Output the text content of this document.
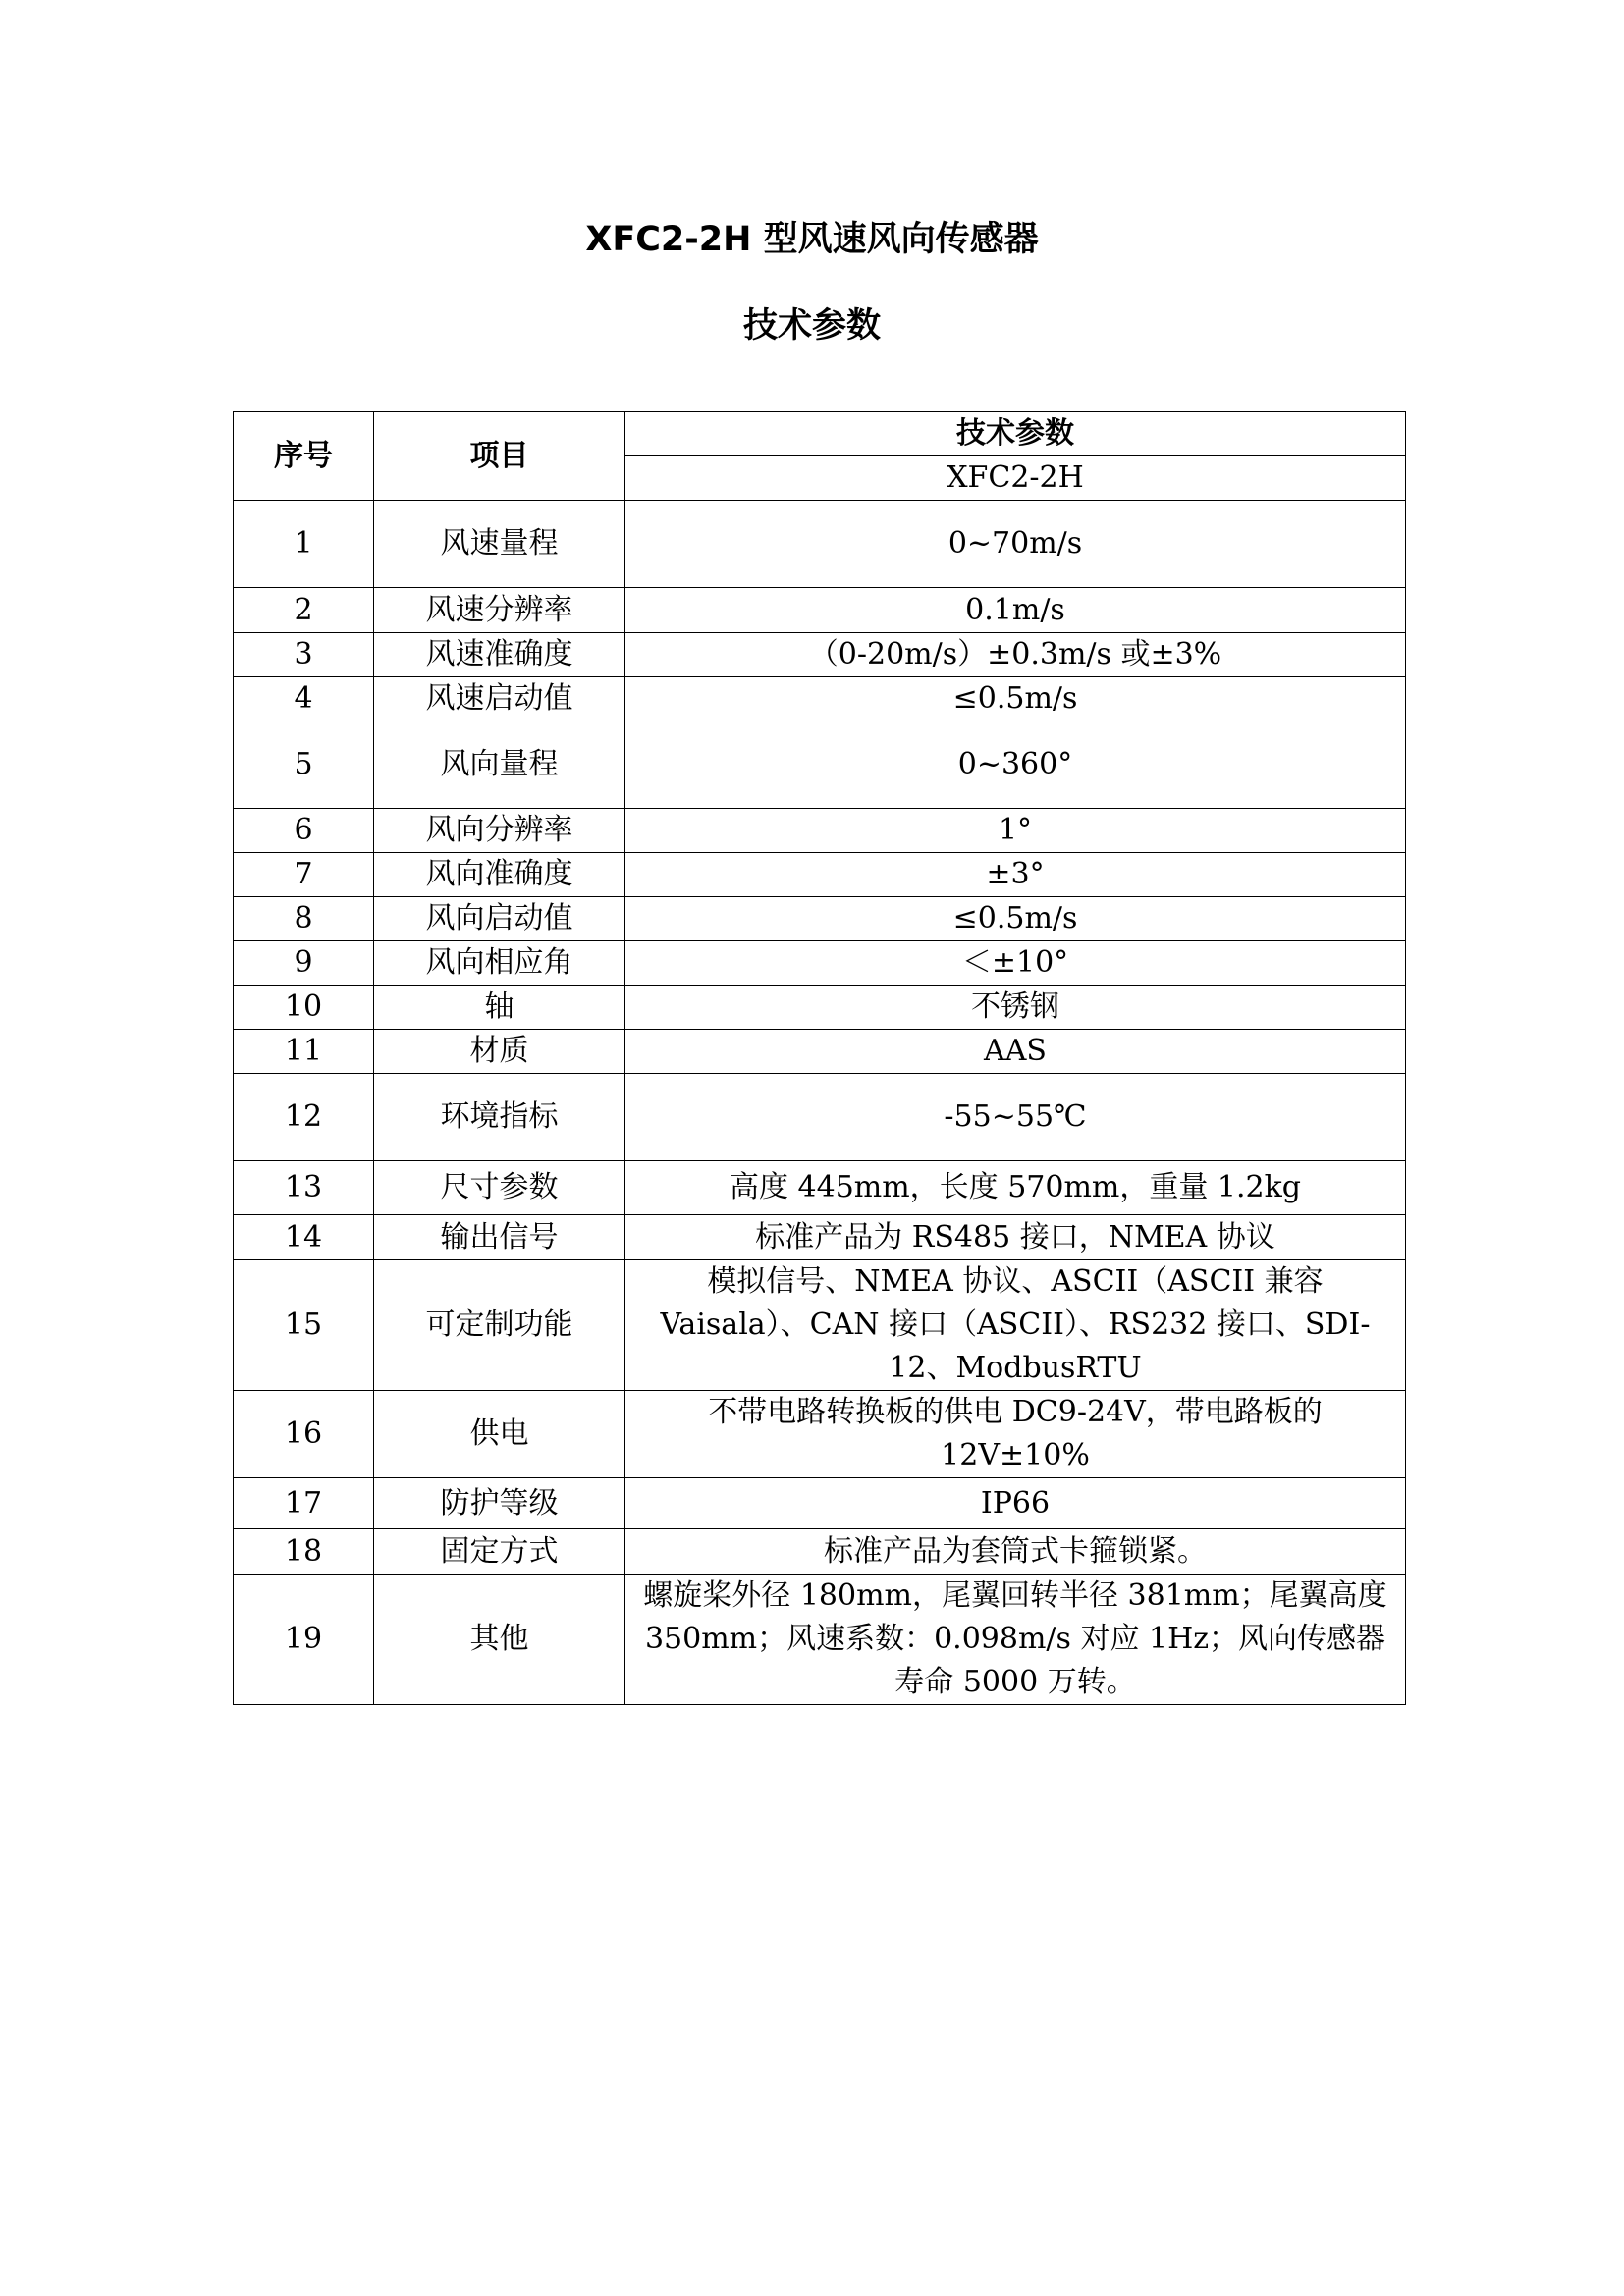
XFC2-2H 型风速风向传感器
技术参数
序号	项目	技术参数
		XFC2-2H
1	风速量程	0~70m/s
2	风速分辨率	0.1m/s
3	风速准确度	（0-20m/s）±0.3m/s 或±3%
4	风速启动值	≤0.5m/s
5	风向量程	0~360°
6	风向分辨率	1°
7	风向准确度	±3°
8	风向启动值	≤0.5m/s
9	风向相应角	＜±10°
10	轴	不锈钢
11	材质	AAS
12	环境指标	-55~55℃
13	尺寸参数	高度 445mm，长度 570mm，重量 1.2kg
14	输出信号	标准产品为 RS485 接口，NMEA 协议
15	可定制功能	模拟信号、NMEA 协议、ASCII（ASCII 兼容 Vaisala）、CAN 接口（ASCII）、RS232 接口、SDI-12、ModbusRTU
16	供电	不带电路转换板的供电 DC9-24V，带电路板的 12V±10%
17	防护等级	IP66
18	固定方式	标准产品为套筒式卡箍锁紧。
19	其他	螺旋桨外径 180mm，尾翼回转半径 381mm；尾翼高度 350mm；风速系数：0.098m/s 对应 1Hz；风向传感器寿命 5000 万转。
